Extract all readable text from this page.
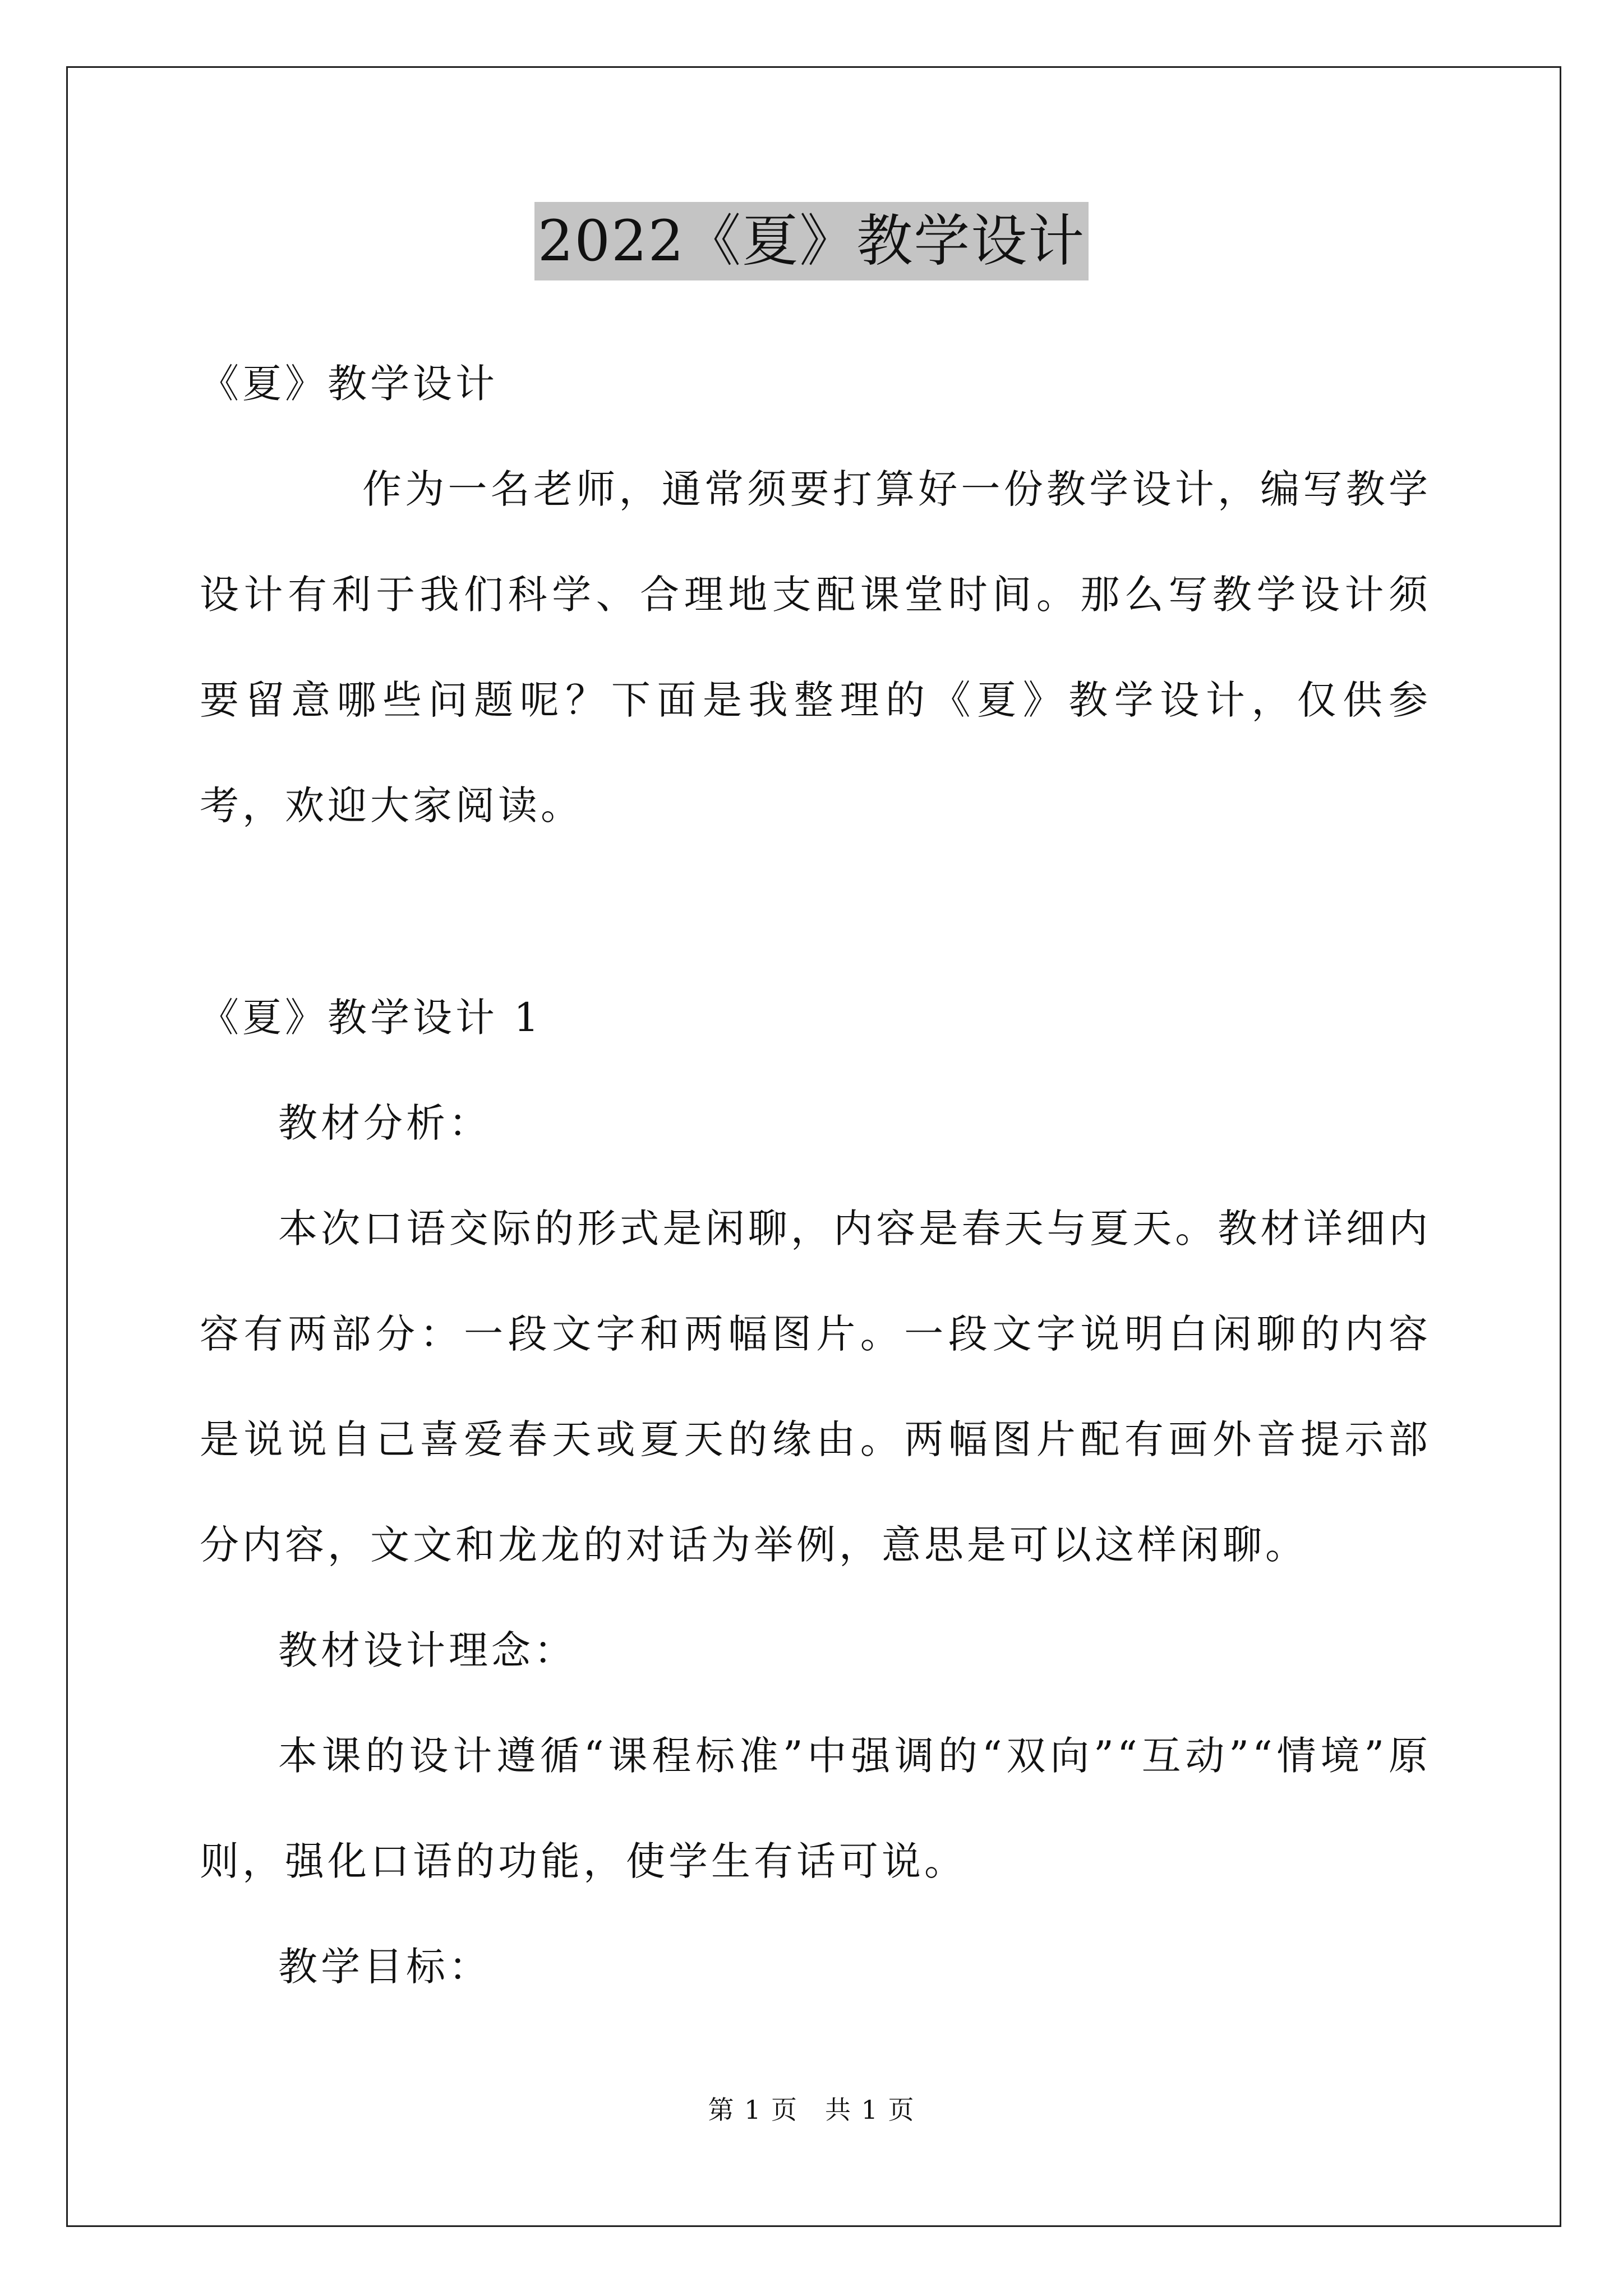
2022《夏》教学设计

《夏》教学设计

作为一名老师，通常须要打算好一份教学设计，编写教学设计有利于我们科学、合理地支配课堂时间。那么写教学设计须要留意哪些问题呢？下面是我整理的《夏》教学设计，仅供参考，欢迎大家阅读。

《夏》教学设计 1

教材分析：

本次口语交际的形式是闲聊，内容是春天与夏天。教材详细内容有两部分：一段文字和两幅图片。一段文字说明白闲聊的内容是说说自己喜爱春天或夏天的缘由。两幅图片配有画外音提示部分内容，文文和龙龙的对话为举例，意思是可以这样闲聊。

教材设计理念：

本课的设计遵循“课程标准”中强调的“双向”“互动”“情境”原则，强化口语的功能，使学生有话可说。

教学目标：

第 1 页　共 1 页
